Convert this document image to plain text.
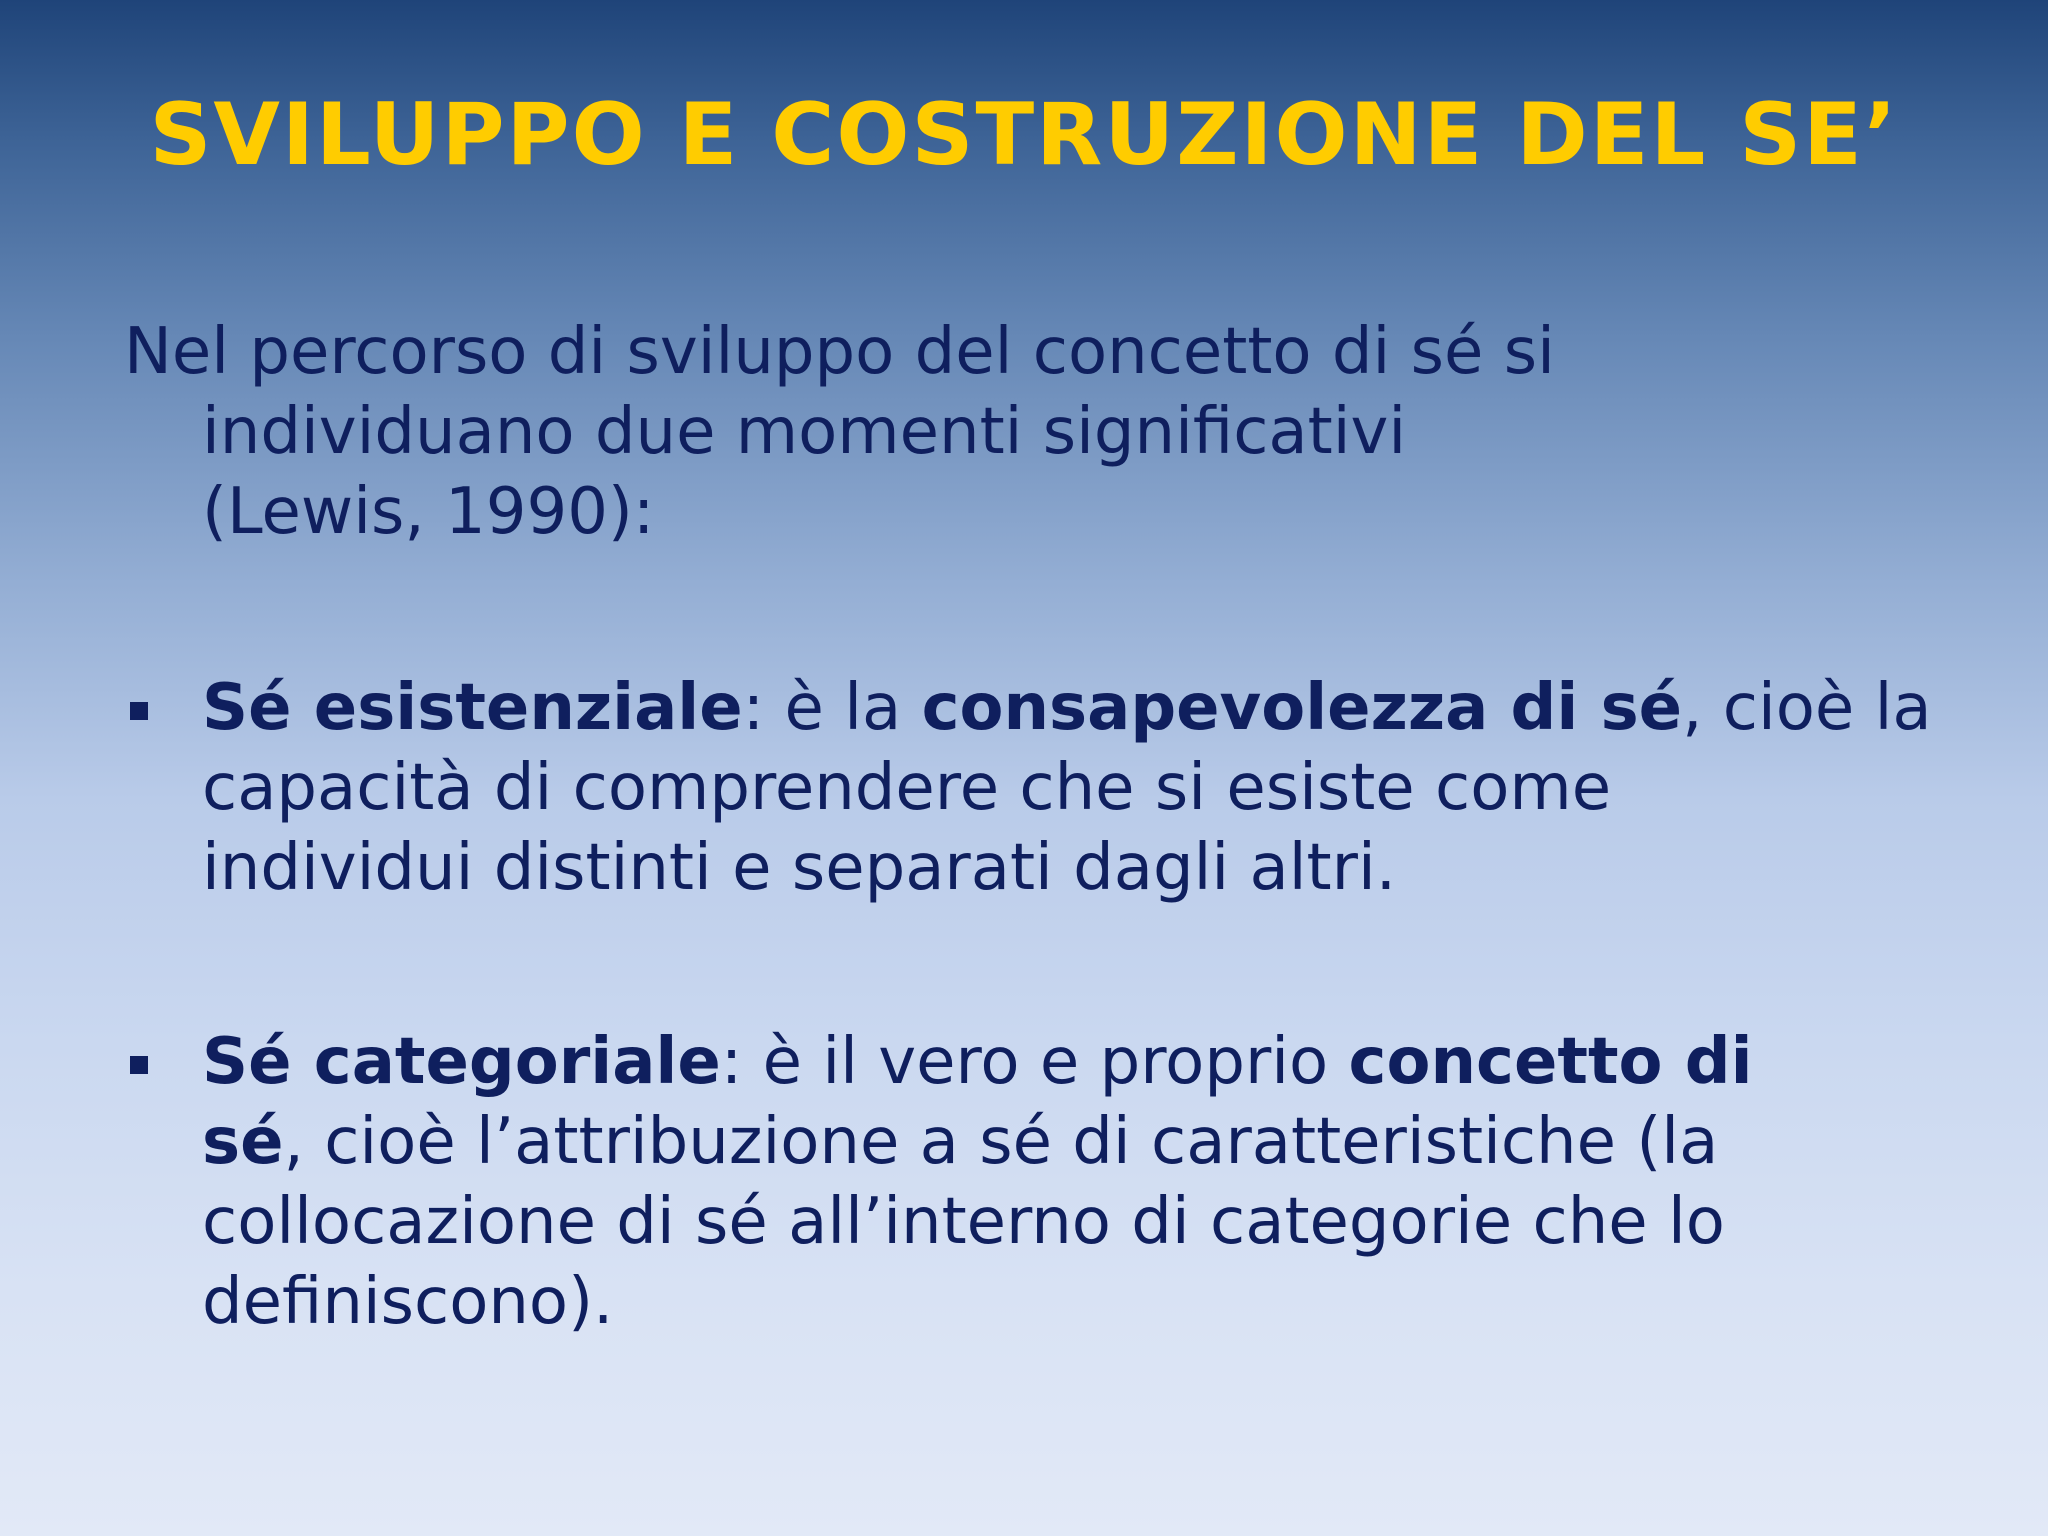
SVILUPPO E COSTRUZIONE DEL SE’
Nel percorso di sviluppo del concetto di sé si
individuano due momenti significativi
(Lewis, 1990):
Sé esistenziale: è la consapevolezza di sé, cioè la
capacità di comprendere che si esiste come
individui distinti e separati dagli altri.
Sé categoriale: è il vero e proprio concetto di
sé, cioè l’attribuzione a sé di caratteristiche (la
collocazione di sé all’interno di categorie che lo
definiscono).
